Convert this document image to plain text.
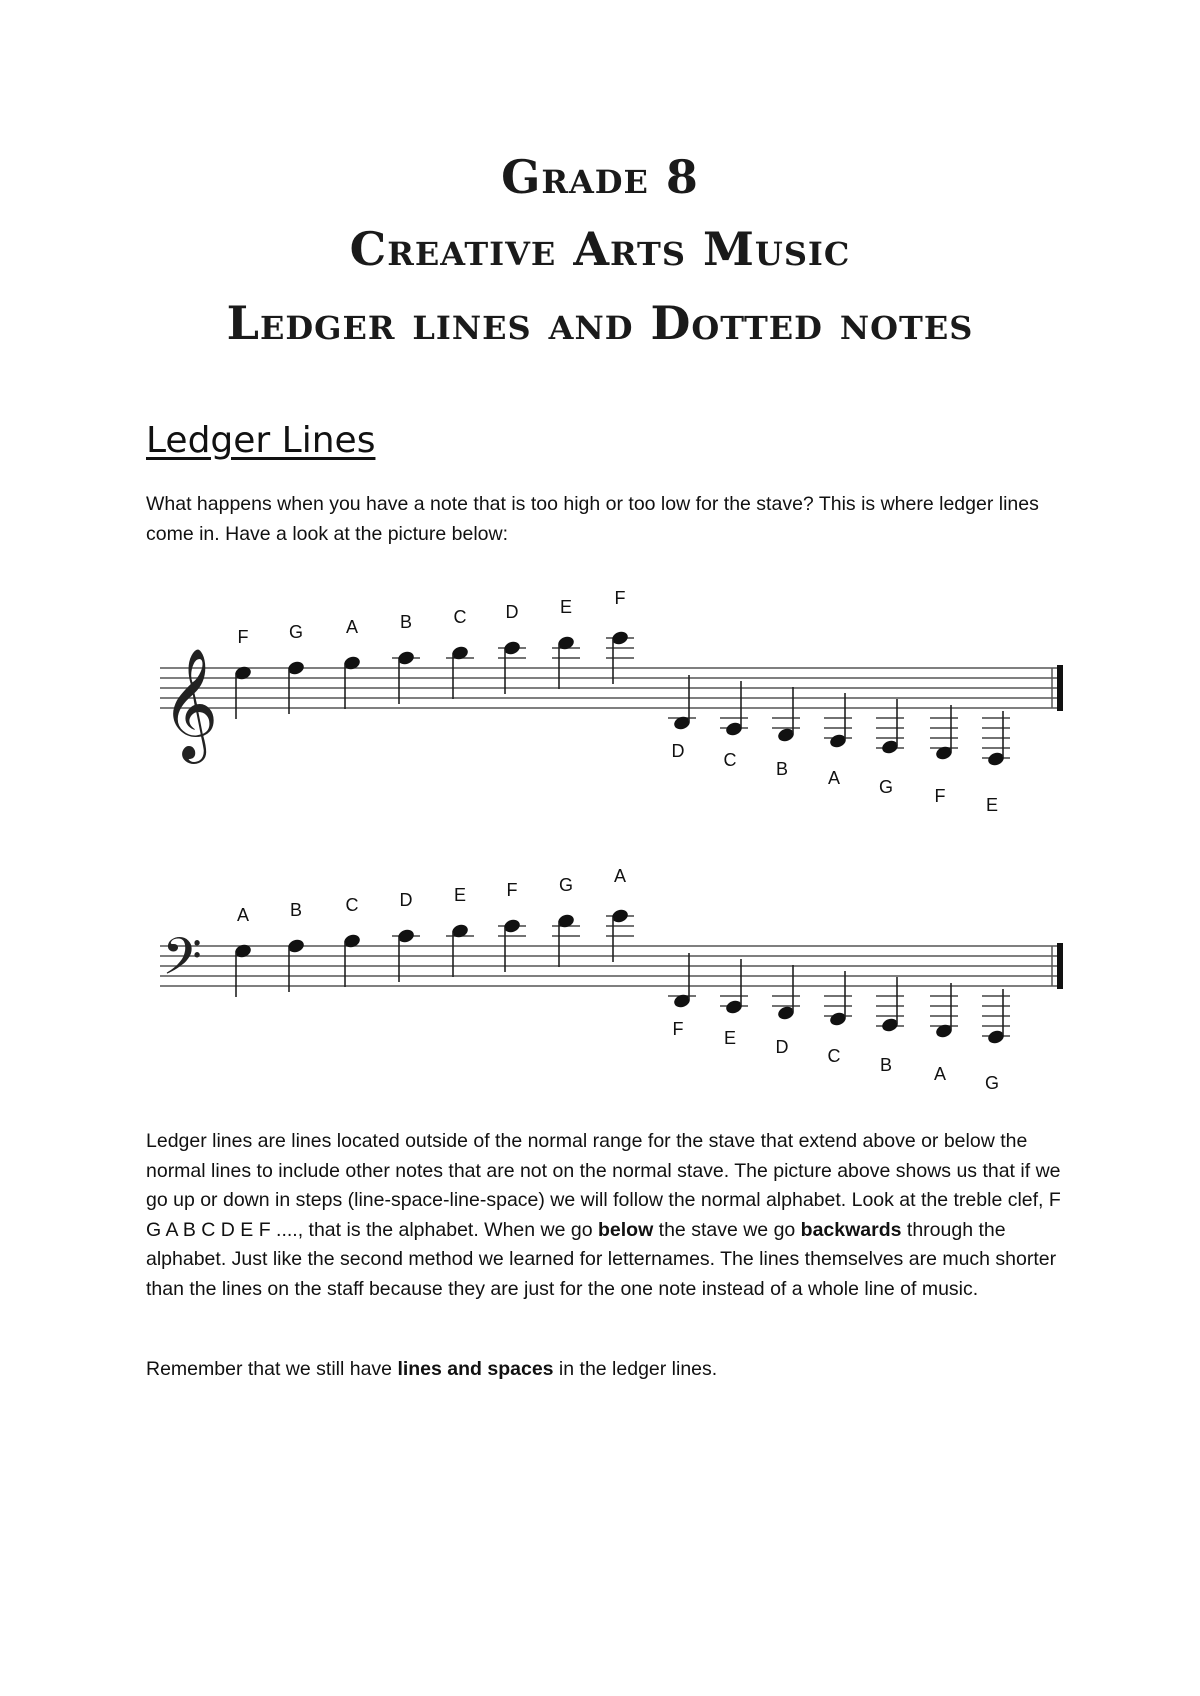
Grade 8
Creative Arts Music
Ledger lines and Dotted notes
Ledger Lines
What happens when you have a note that is too high or too low for the stave? This is where ledger lines come in. Have a look at the picture below:
𝄞
F G A B C D E F
D C B A G F E
𝄢
A B C D E F G A
F E D C B A G
Ledger lines are lines located outside of the normal range for the stave that extend above or below the normal lines to include other notes that are not on the normal stave. The picture above shows us that if we go up or down in steps (line-space-line-space) we will follow the normal alphabet. Look at the treble clef, F G A B C D E F ...., that is the alphabet. When we go below the stave we go backwards through the alphabet. Just like the second method we learned for letternames. The lines themselves are much shorter than the lines on the staff because they are just for the one note instead of a whole line of music.
Remember that we still have lines and spaces in the ledger lines.
